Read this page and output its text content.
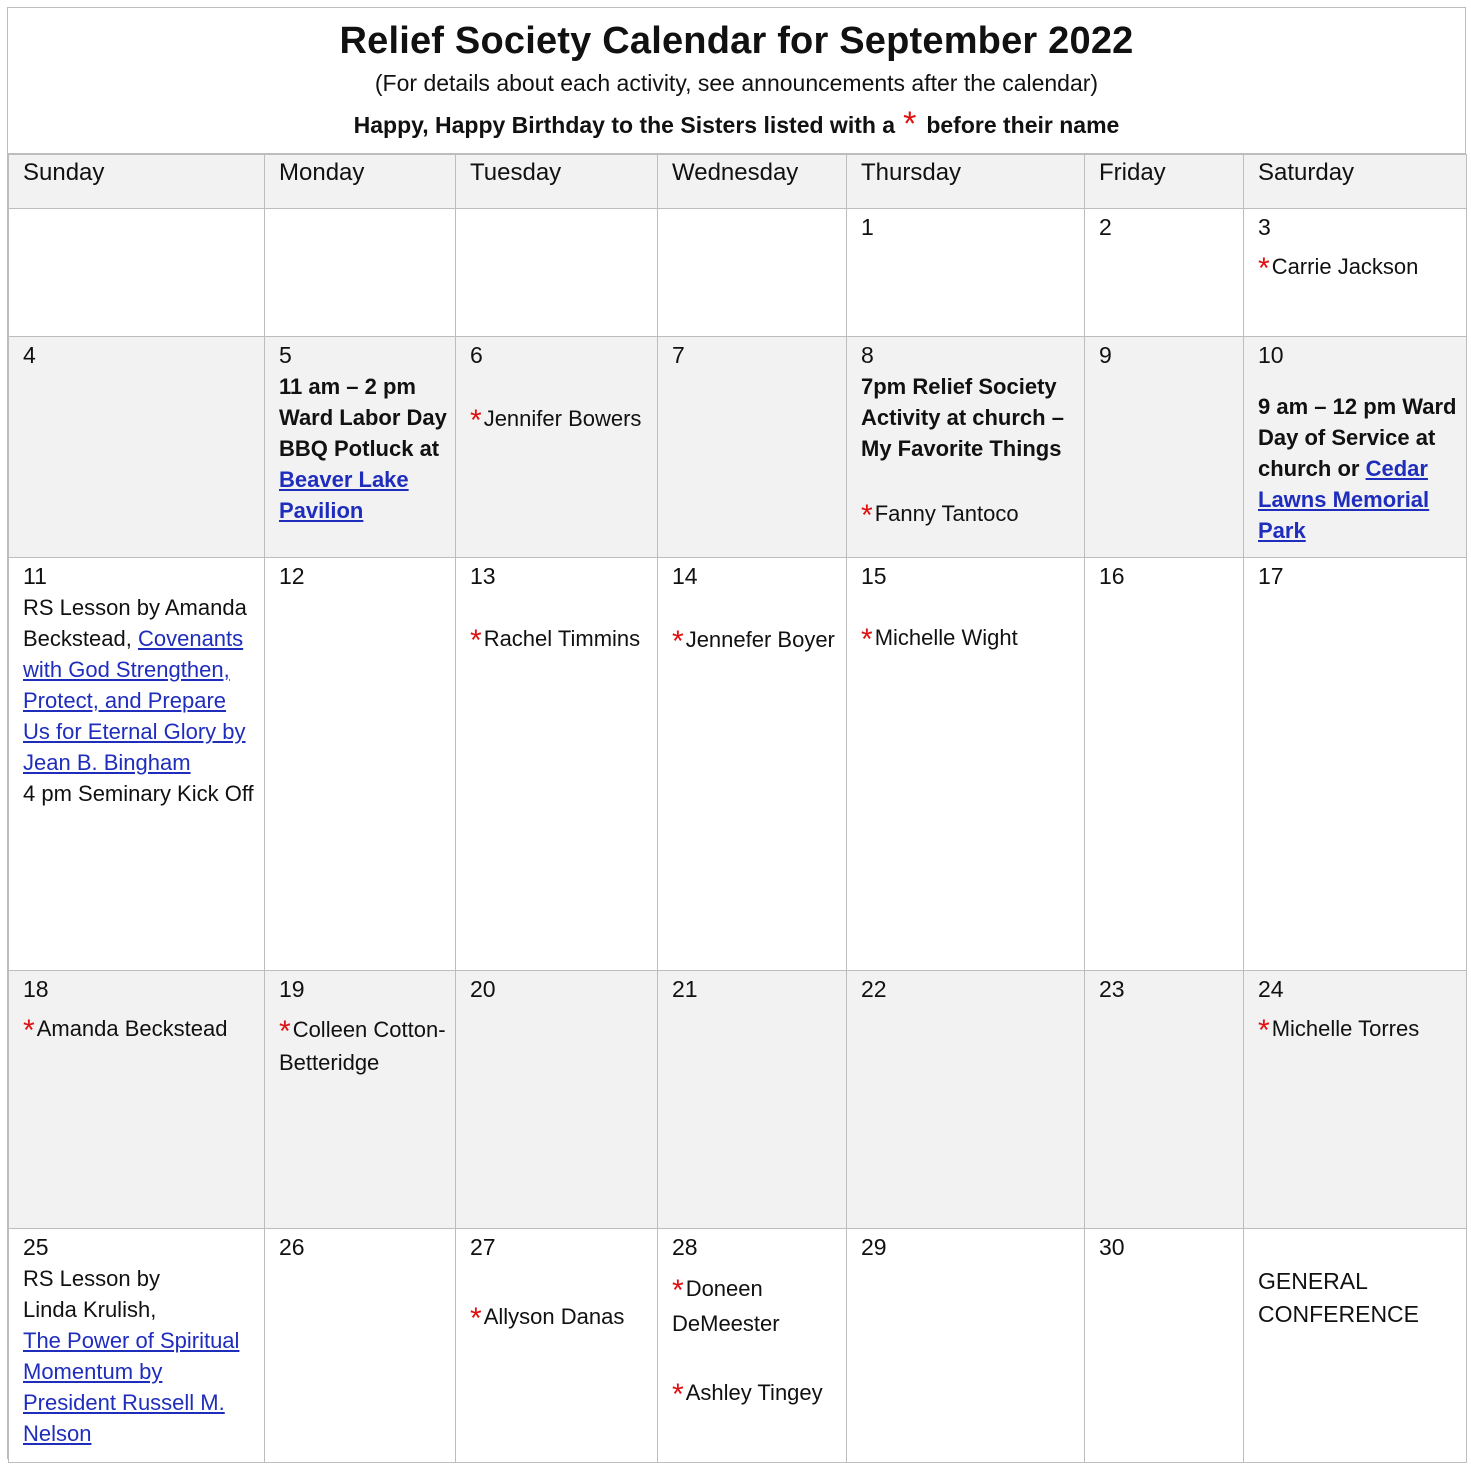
Relief Society Calendar for September 2022
(For details about each activity, see announcements after the calendar)
Happy, Happy Birthday to the Sisters listed with a * before their name
Sunday	Monday	Tuesday	Wednesday	Thursday	Friday	Saturday

				1	2	3
*Carrie Jackson

4	5
11 am – 2 pm Ward Labor Day BBQ Potluck at Beaver Lake Pavilion	6
*Jennifer Bowers	7	8
7pm Relief Society Activity at church – My Favorite Things
*Fanny Tantoco	9	10
9 am – 12 pm Ward Day of Service at church or Cedar Lawns Memorial Park

11
RS Lesson by Amanda Beckstead, Covenants with God Strengthen, Protect, and Prepare Us for Eternal Glory by Jean B. Bingham
4 pm Seminary Kick Off	12	13
*Rachel Timmins	14
*Jennefer Boyer	15
*Michelle Wight	16	17

18
*Amanda Beckstead	19
*Colleen Cotton-Betteridge	20	21	22	23	24
*Michelle Torres

25
RS Lesson by Linda Krulish,
The Power of Spiritual Momentum by President Russell M. Nelson	26	27
*Allyson Danas	28
*Doneen DeMeester
*Ashley Tingey	29	30	GENERAL CONFERENCE
